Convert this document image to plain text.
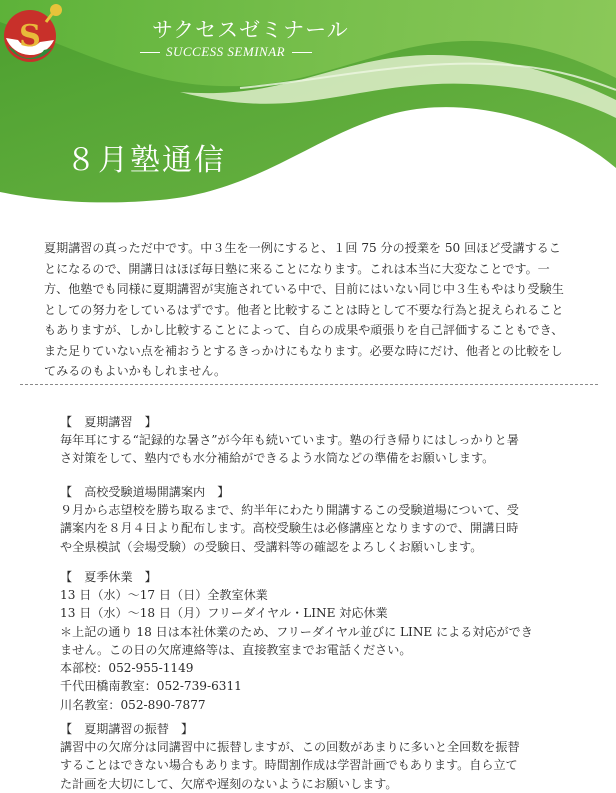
S	サクセスゼミナール
SUCCESS SEMINAR
８月塾通信

夏期講習の真っただ中です。中３生を一例にすると、１回 75 分の授業を 50 回ほど受講することになるので、開講日はほぼ毎日塾に来ることになります。これは本当に大変なことです。一方、他塾でも同様に夏期講習が実施されている中で、目前にはいない同じ中３生もやはり受験生としての努力をしているはずです。他者と比較することは時として不要な行為と捉えられることもありますが、しかし比較することによって、自らの成果や頑張りを自己評価することもでき、また足りていない点を補おうとするきっかけにもなります。必要な時にだけ、他者との比較をしてみるのもよいかもしれません。

【　夏期講習　】

毎年耳にする“記録的な暑さ”が今年も続いています。塾の行き帰りにはしっかりと暑
さ対策をして、塾内でも水分補給ができるよう水筒などの準備をお願いします。

【　高校受験道場開講案内　】

９月から志望校を勝ち取るまで、約半年にわたり開講するこの受験道場について、受
講案内を８月４日より配布します。高校受験生は必修講座となりますので、開講日時
や全県模試（会場受験）の受験日、受講料等の確認をよろしくお願いします。

【　夏季休業　】

13 日（水）～17 日（日）全教室休業
13 日（水）～18 日（月）フリーダイヤル・LINE 対応休業
＊上記の通り 18 日は本社休業のため、フリーダイヤル並びに LINE による対応ができ
ません。この日の欠席連絡等は、直接教室までお電話ください。
本部校：052-955-1149
千代田橋南教室：052-739-6311
川名教室：052-890-7877

【　夏期講習の振替　】

講習中の欠席分は同講習中に振替しますが、この回数があまりに多いと全回数を振替
することはできない場合もあります。時間割作成は学習計画でもあります。自ら立て
た計画を大切にして、欠席や遅刻のないようにお願いします。
